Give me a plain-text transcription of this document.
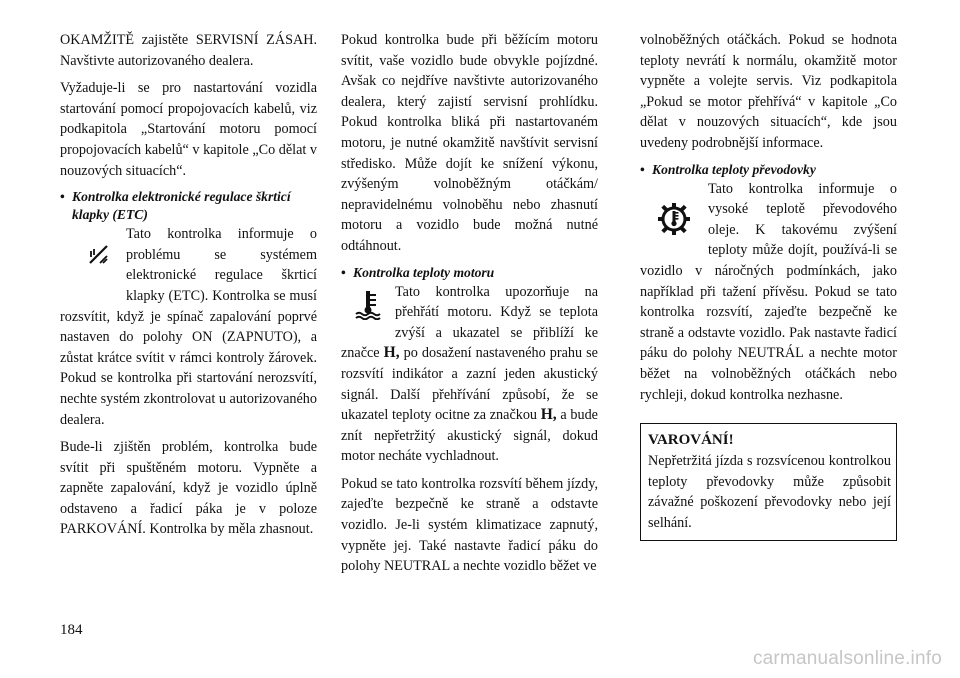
OKAMŽITĚ zajistěte SERVISNÍ ZÁSAH. Navštivte autorizovaného dealera.

Vyžaduje-li se pro nastartování vozidla startování pomocí propojovacích kabelů, viz podkapitola „Startování motoru pomocí propojovacích kabelů“ v kapitole „Co dělat v nouzových situacích“.

• Kontrolka elektronické regulace škrticí klapky (ETC)

Tato kontrolka informuje o problému se systémem elektronické regulace škrticí klapky (ETC). Kontrolka se musí rozsvítit, když je spínač zapalování poprvé nastaven do polohy ON (ZAPNUTO), a zůstat krátce svítit v rámci kontroly žárovek. Pokud se kontrolka při startování nerozsvítí, nechte systém zkontrolovat u autorizovaného dealera.

Bude-li zjištěn problém, kontrolka bude svítit při spuštěném motoru. Vypněte a zapněte zapalování, když je vozidlo úplně odstaveno a řadicí páka je v poloze PARKOVÁNÍ. Kontrolka by měla zhasnout.

Pokud kontrolka bude při běžícím motoru svítit, vaše vozidlo bude obvykle pojízdné. Avšak co nejdříve navštivte autorizovaného dealera, který zajistí servisní prohlídku. Pokud kontrolka bliká při nastartovaném motoru, je nutné okamžitě navštívit servisní středisko. Může dojít ke snížení výkonu, zvýšeným volnoběžným otáčkám/ nepravidelnému volnoběhu nebo zhasnutí motoru a vozidlo bude možná nutné odtáhnout.

• Kontrolka teploty motoru

Tato kontrolka upozorňuje na přehřátí motoru. Když se teplota zvýší a ukazatel se přiblíží ke značce H, po dosažení nastaveného prahu se rozsvítí indikátor a zazní jeden akustický signál. Další přehřívání způsobí, že se ukazatel teploty ocitne za značkou H, a bude znít nepřetržitý akustický signál, dokud motor necháte vychladnout.

Pokud se tato kontrolka rozsvítí během jízdy, zajeďte bezpečně ke straně a odstavte vozidlo. Je-li systém klimatizace zapnutý, vypněte jej. Také nastavte řadicí páku do polohy NEUTRAL a nechte vozidlo běžet ve

volnoběžných otáčkách. Pokud se hodnota teploty nevrátí k normálu, okamžitě motor vypněte a volejte servis. Viz podkapitola „Pokud se motor přehřívá“ v kapitole „Co dělat v nouzových situacích“, kde jsou uvedeny podrobnější informace.

• Kontrolka teploty převodovky

Tato kontrolka informuje o vysoké teplotě převodového oleje. K takovému zvýšení teploty může dojít, používá-li se vozidlo v náročných podmínkách, jako například při tažení přívěsu. Pokud se tato kontrolka rozsvítí, zajeďte bezpečně ke straně a odstavte vozidlo. Pak nastavte řadicí páku do polohy NEUTRÁL a nechte motor běžet na volnoběžných otáčkách nebo rychleji, dokud kontrolka nezhasne.

VAROVÁNÍ!

Nepřetržitá jízda s rozsvícenou kontrolkou teploty převodovky může způsobit závažné poškození převodovky nebo její selhání.

184
carmanualsonline.info
